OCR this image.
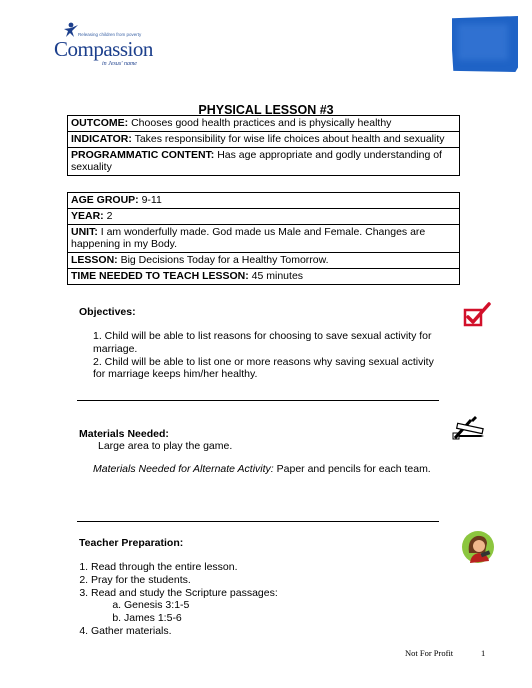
Releasing children from poverty
Compassion
in Jesus' name
PHYSICAL LESSON #3
OUTCOME: Chooses good health practices and is physically healthy
INDICATOR: Takes responsibility for wise life choices about health and sexuality
PROGRAMMATIC CONTENT: Has age appropriate and godly understanding of sexuality
AGE GROUP: 9-11
YEAR: 2
UNIT: I am wonderfully made. God made us Male and Female. Changes are happening in my Body.
LESSON: Big Decisions Today for a Healthy Tomorrow.
TIME NEEDED TO TEACH LESSON: 45 minutes
Objectives:
1. Child will be able to list reasons for choosing to save sexual activity for marriage.
2. Child will be able to list one or more reasons why saving sexual activity for marriage keeps him/her healthy.
Materials Needed:
Large area to play the game.
Materials Needed for Alternate Activity: Paper and pencils for each team.
Teacher Preparation:
1. Read through the entire lesson.
2. Pray for the students.
3. Read and study the Scripture passages:
a. Genesis 3:1-5
b. James 1:5-6
4. Gather materials.
Not For Profit	1
